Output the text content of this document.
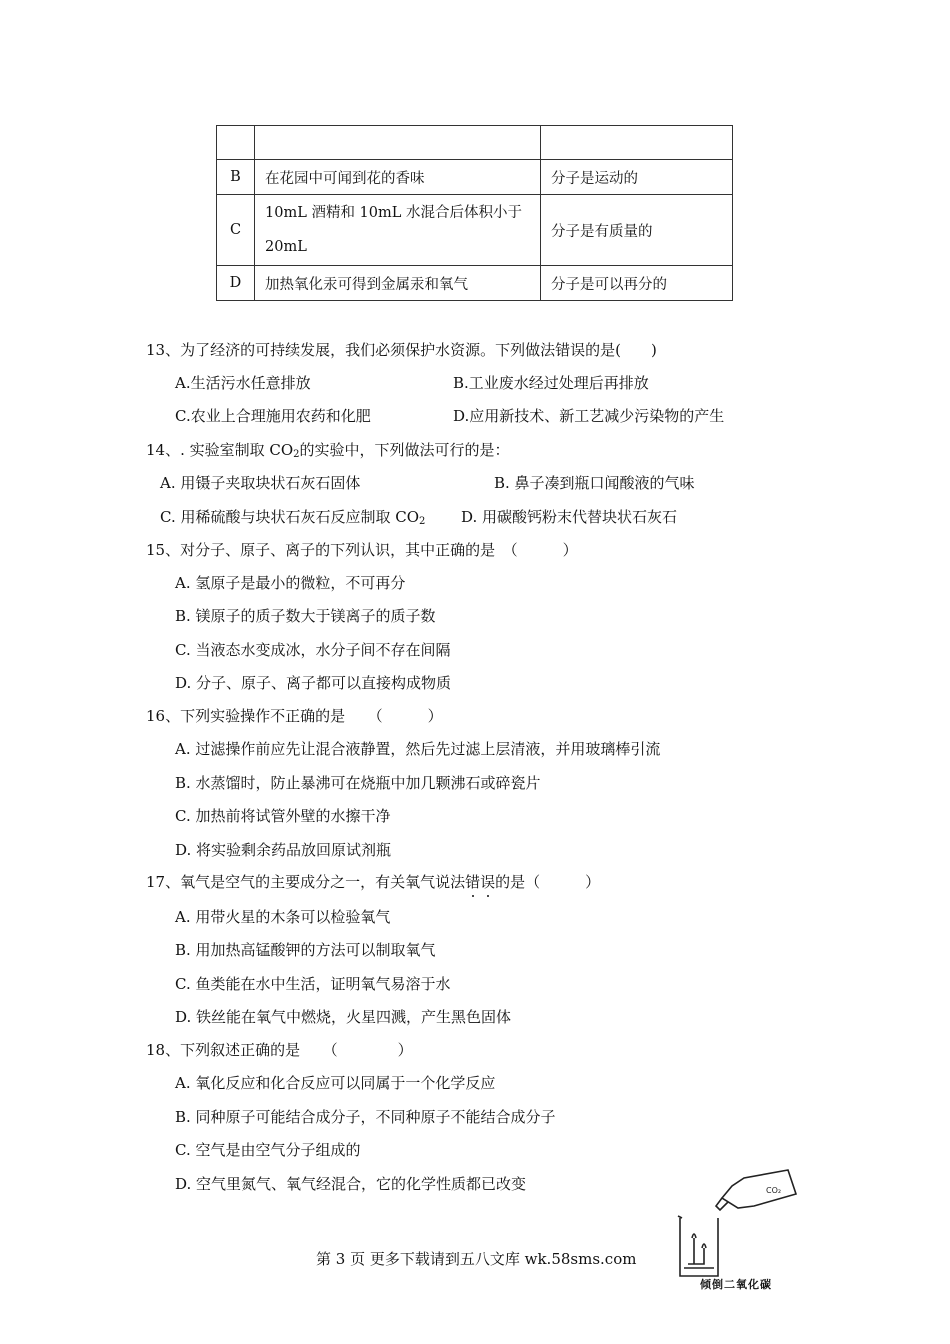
B	在花园中可闻到花的香味	分子是运动的
C	10mL 酒精和 10mL 水混合后体积小于
20mL	分子是有质量的
D	加热氧化汞可得到金属汞和氧气	分子是可以再分的
13、为了经济的可持续发展，我们必须保护水资源。下列做法错误的是(　　)
A.生活污水任意排放	B.工业废水经过处理后再排放
C.农业上合理施用农药和化肥	D.应用新技术、新工艺减少污染物的产生
14、. 实验室制取 $CO_2$的实验中，下列做法可行的是：
A. 用镊子夹取块状石灰石固体	B. 鼻子凑到瓶口闻酸液的气味
C. 用稀硫酸与块状石灰石反应制取 $CO_2$ D. 用碳酸钙粉末代替块状石灰石
15、对分子、原子、离子的下列认识，其中正确的是　（　　　）
A. 氢原子是最小的微粒，不可再分
B. 镁原子的质子数大于镁离子的质子数
C. 当液态水变成冰，水分子间不存在间隔
D. 分子、原子、离子都可以直接构成物质
16、下列实验操作不正确的是　　（　　　）
A. 过滤操作前应先让混合液静置，然后先过滤上层清液，并用玻璃棒引流
B. 水蒸馏时，防止暴沸可在烧瓶中加几颗沸石或碎瓷片
C. 加热前将试管外壁的水擦干净
D. 将实验剩余药品放回原试剂瓶
17、氧气是空气的主要成分之一，有关氧气说法错误的是（　　　）
A. 用带火星的木条可以检验氧气
B. 用加热高锰酸钾的方法可以制取氧气
C. 鱼类能在水中生活，证明氧气易溶于水
D. 铁丝能在氧气中燃烧，火星四溅，产生黑色固体
18、下列叙述正确的是　　（　　　　）
A. 氧化反应和化合反应可以同属于一个化学反应
B. 同种原子可能结合成分子，不同种原子不能结合成分子
C. 空气是由空气分子组成的
D. 空气里氮气、氧气经混合，它的化学性质都已改变	CO₂
倾倒二氧化碳
第 3 页 更多下载请到五八文库 wk.58sms.com
